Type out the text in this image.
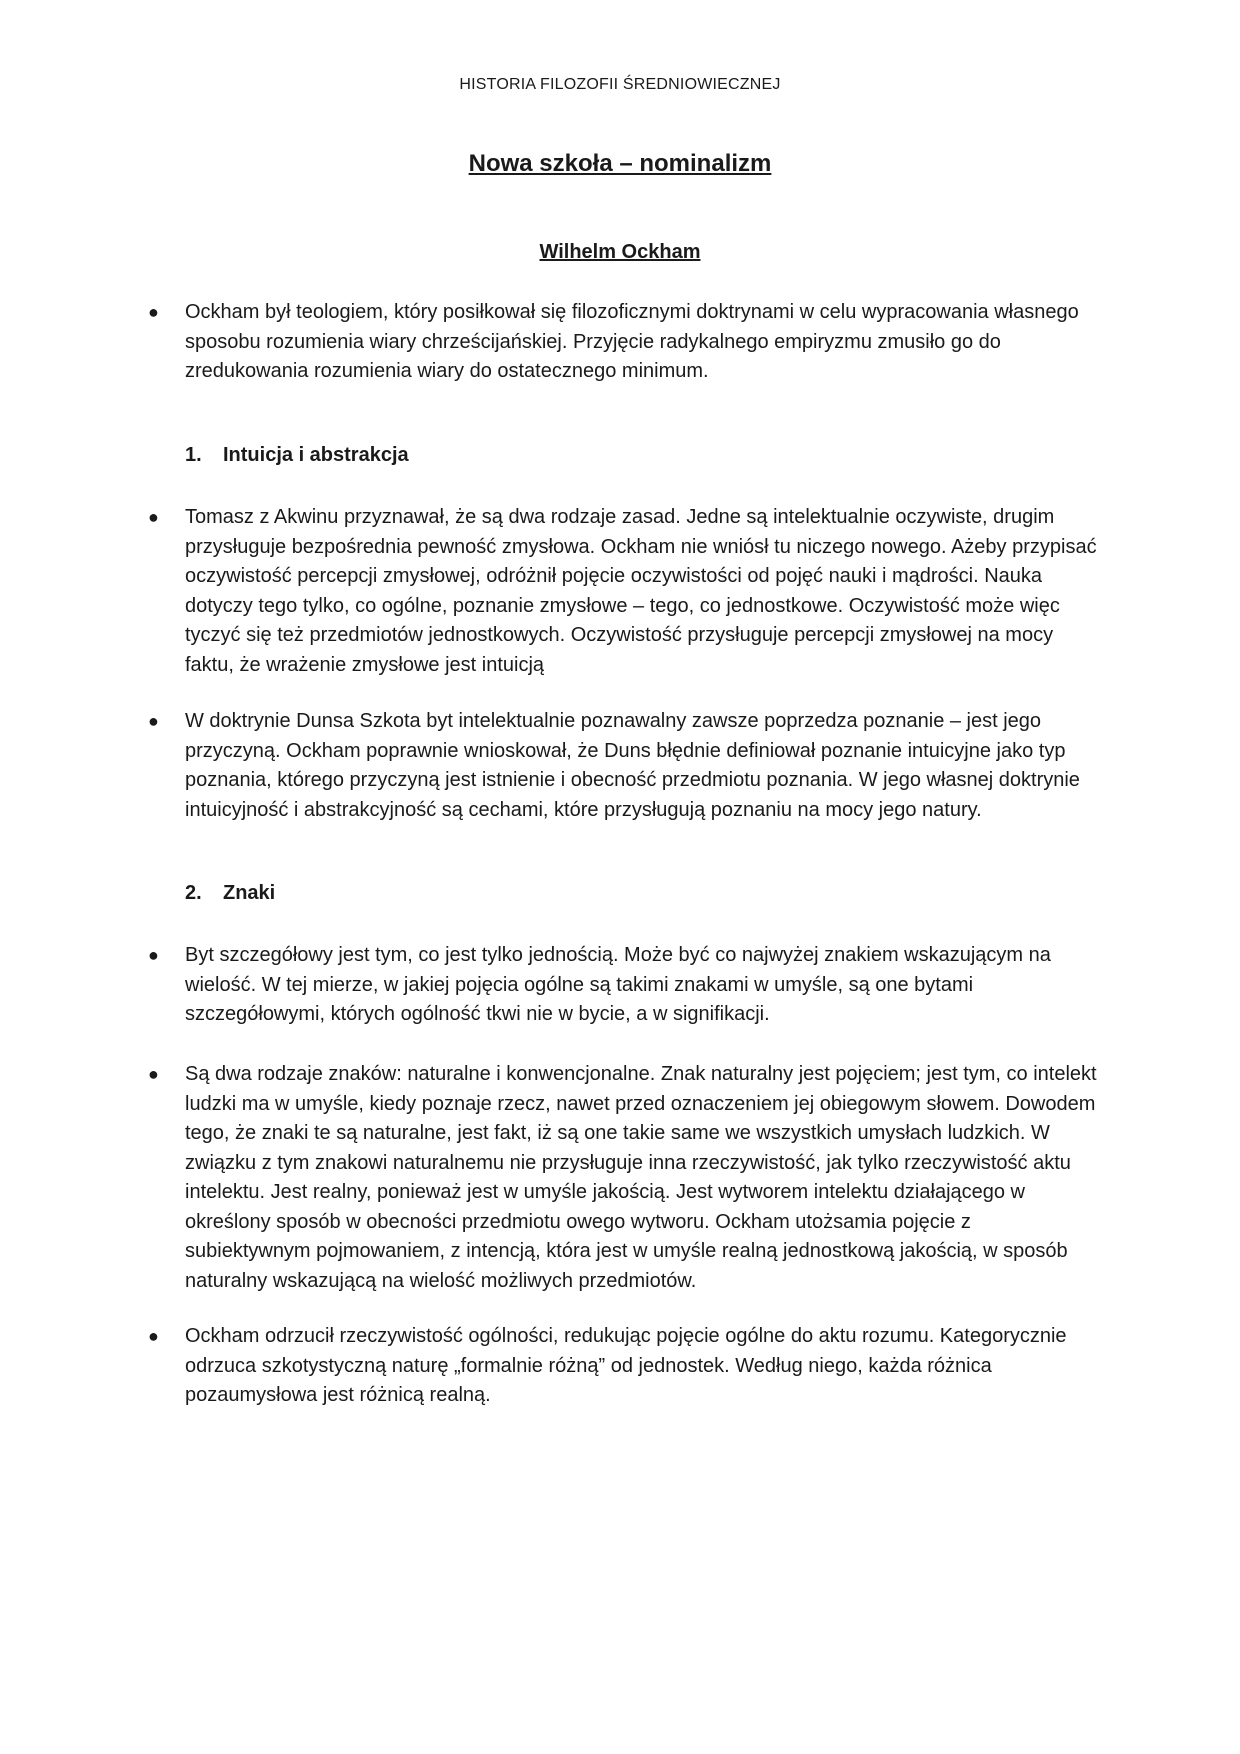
HISTORIA FILOZOFII ŚREDNIOWIECZNEJ
Nowa szkoła – nominalizm
Wilhelm Ockham
●	Ockham był teologiem, który posiłkował się filozoficznymi doktrynami w celu wypracowania własnego sposobu rozumienia wiary chrześcijańskiej. Przyjęcie radykalnego empiryzmu zmusiło go do zredukowania rozumienia wiary do ostatecznego minimum.
1. Intuicja i abstrakcja
●	Tomasz z Akwinu przyznawał, że są dwa rodzaje zasad. Jedne są intelektualnie oczywiste, drugim przysługuje bezpośrednia pewność zmysłowa. Ockham nie wniósł tu niczego nowego. Ażeby przypisać oczywistość percepcji zmysłowej, odróżnił pojęcie oczywistości od pojęć nauki i mądrości. Nauka dotyczy tego tylko, co ogólne, poznanie zmysłowe – tego, co jednostkowe. Oczywistość może więc tyczyć się też przedmiotów jednostkowych. Oczywistość przysługuje percepcji zmysłowej na mocy faktu, że wrażenie zmysłowe jest intuicją
●	W doktrynie Dunsa Szkota byt intelektualnie poznawalny zawsze poprzedza poznanie – jest jego przyczyną. Ockham poprawnie wnioskował, że Duns błędnie definiował poznanie intuicyjne jako typ poznania, którego przyczyną jest istnienie i obecność przedmiotu poznania. W jego własnej doktrynie intuicyjność i abstrakcyjność są cechami, które przysługują poznaniu na mocy jego natury.
2. Znaki
●	Byt szczegółowy jest tym, co jest tylko jednością. Może być co najwyżej znakiem wskazującym na wielość. W tej mierze, w jakiej pojęcia ogólne są takimi znakami w umyśle, są one bytami szczegółowymi, których ogólność tkwi nie w bycie, a w signifikacji.
●	Są dwa rodzaje znaków: naturalne i konwencjonalne. Znak naturalny jest pojęciem; jest tym, co intelekt ludzki ma w umyśle, kiedy poznaje rzecz, nawet przed oznaczeniem jej obiegowym słowem. Dowodem tego, że znaki te są naturalne, jest fakt, iż są one takie same we wszystkich umysłach ludzkich. W związku z tym znakowi naturalnemu nie przysługuje inna rzeczywistość, jak tylko rzeczywistość aktu intelektu. Jest realny, ponieważ jest w umyśle jakością. Jest wytworem intelektu działającego w określony sposób w obecności przedmiotu owego wytworu. Ockham utożsamia pojęcie z subiektywnym pojmowaniem, z intencją, która jest w umyśle realną jednostkową jakością, w sposób naturalny wskazującą na wielość możliwych przedmiotów.
●	Ockham odrzucił rzeczywistość ogólności, redukując pojęcie ogólne do aktu rozumu. Kategorycznie odrzuca szkotystyczną naturę „formalnie różną” od jednostek. Według niego, każda różnica pozaumysłowa jest różnicą realną.
